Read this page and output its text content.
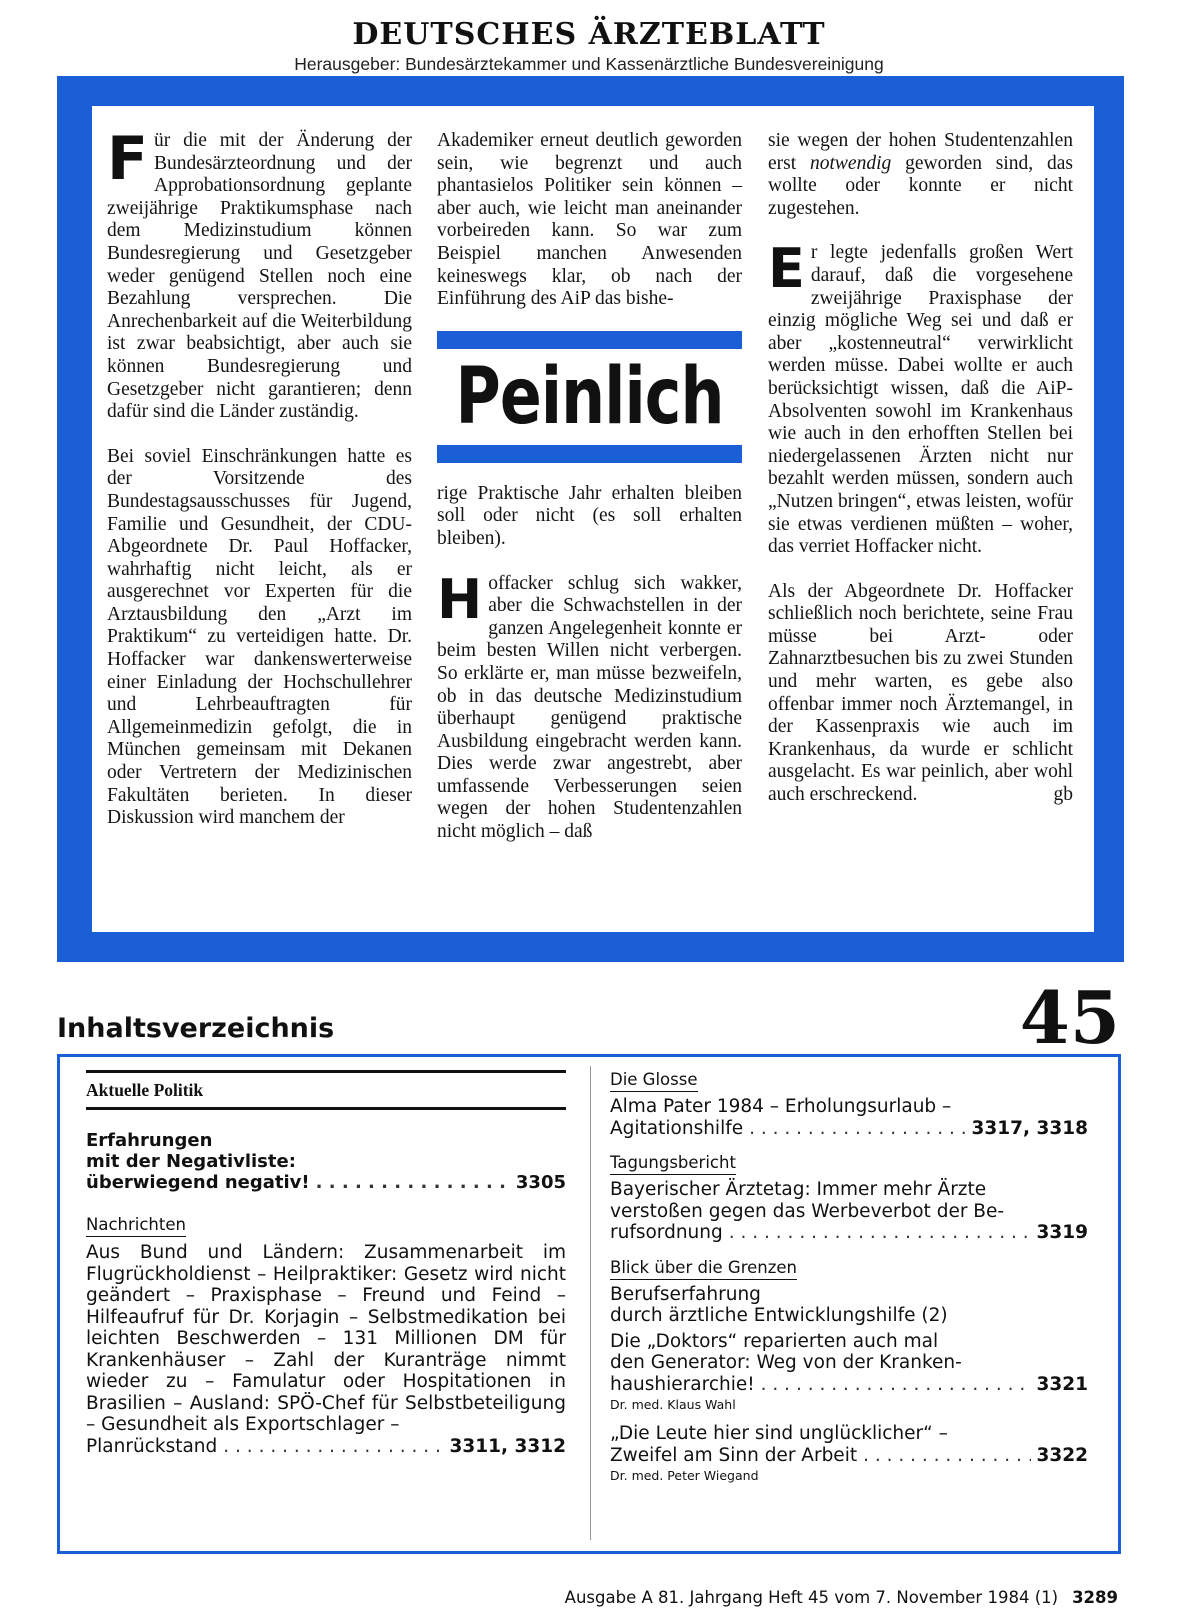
DEUTSCHES ÄRZTEBLATT
Herausgeber: Bundesärztekammer und Kassenärztliche Bundesvereinigung

Für die mit der Änderung der Bundesärzteordnung und der Approbationsordnung geplante zweijährige Praktikumsphase nach dem Medizinstudium können Bundesregierung und Gesetzgeber weder genügend Stellen noch eine Bezahlung versprechen. Die Anrechenbarkeit auf die Weiterbildung ist zwar beabsichtigt, aber auch sie können Bundesregierung und Gesetzgeber nicht garantieren; denn dafür sind die Länder zuständig.

Bei soviel Einschränkungen hatte es der Vorsitzende des Bundestagsausschusses für Jugend, Familie und Gesundheit, der CDU-Abgeordnete Dr. Paul Hoffacker, wahrhaftig nicht leicht, als er ausgerechnet vor Experten für die Arztausbildung den „Arzt im Praktikum“ zu verteidigen hatte. Dr. Hoffacker war dankenswerterweise einer Einladung der Hochschullehrer und Lehrbeauftragten für Allgemeinmedizin gefolgt, die in München gemeinsam mit Dekanen oder Vertretern der Medizinischen Fakultäten berieten. In dieser Diskussion wird manchem der

Akademiker erneut deutlich geworden sein, wie begrenzt und auch phantasielos Politiker sein können – aber auch, wie leicht man aneinander vorbeireden kann. So war zum Beispiel manchen Anwesenden keineswegs klar, ob nach der Einführung des AiP das bishe-

Peinlich

rige Praktische Jahr erhalten bleiben soll oder nicht (es soll erhalten bleiben).

Hoffacker schlug sich wakker, aber die Schwachstellen in der ganzen Angelegenheit konnte er beim besten Willen nicht verbergen. So erklärte er, man müsse bezweifeln, ob in das deutsche Medizinstudium überhaupt genügend praktische Ausbildung eingebracht werden kann. Dies werde zwar angestrebt, aber umfassende Verbesserungen seien wegen der hohen Studentenzahlen nicht möglich – daß

sie wegen der hohen Studentenzahlen erst notwendig geworden sind, das wollte oder konnte er nicht zugestehen.

Er legte jedenfalls großen Wert darauf, daß die vorgesehene zweijährige Praxisphase der einzig mögliche Weg sei und daß er aber „kostenneutral“ verwirklicht werden müsse. Dabei wollte er auch berücksichtigt wissen, daß die AiP-Absolventen sowohl im Krankenhaus wie auch in den erhofften Stellen bei niedergelassenen Ärzten nicht nur bezahlt werden müssen, sondern auch „Nutzen bringen“, etwas leisten, wofür sie etwas verdienen müßten – woher, das verriet Hoffacker nicht.

Als der Abgeordnete Dr. Hoffacker schließlich noch berichtete, seine Frau müsse bei Arzt- oder Zahnarztbesuchen bis zu zwei Stunden und mehr warten, es gebe also offenbar immer noch Ärztemangel, in der Kassenpraxis wie auch im Krankenhaus, da wurde er schlicht ausgelacht. Es war peinlich, aber wohl auch erschreckend.	gb

Inhaltsverzeichnis	45
Aktuelle Politik
Erfahrungen
mit der Negativliste:
überwiegend negativ! . . .	3305
Nachrichten
Aus Bund und Ländern: Zusammenarbeit im Flugrückholdienst – Heilpraktiker: Gesetz wird nicht geändert – Praxisphase – Freund und Feind – Hilfeaufruf für Dr. Korjagin – Selbstmedikation bei leichten Beschwerden – 131 Millionen DM für Krankenhäuser – Zahl der Kuranträge nimmt wieder zu – Famulatur oder Hospitationen in Brasilien – Ausland: SPÖ-Chef für Selbstbeteiligung – Gesundheit als Exportschlager –
Planrückstand . . .	3311, 3312
Die Glosse
Alma Pater 1984 – Erholungsurlaub –
Agitationshilfe . . .	3317, 3318
Tagungsbericht
Bayerischer Ärztetag: Immer mehr Ärzte
verstoßen gegen das Werbeverbot der Be-
rufsordnung . . .	3319
Blick über die Grenzen
Berufserfahrung
durch ärztliche Entwicklungshilfe (2)
Die „Doktors“ reparierten auch mal
den Generator: Weg von der Kranken-
haushierarchie! . . .	3321
Dr. med. Klaus Wahl
„Die Leute hier sind unglücklicher“ –
Zweifel am Sinn der Arbeit . . .	3322
Dr. med. Peter Wiegand
Ausgabe A 81. Jahrgang Heft 45 vom 7. November 1984 (1) 3289
